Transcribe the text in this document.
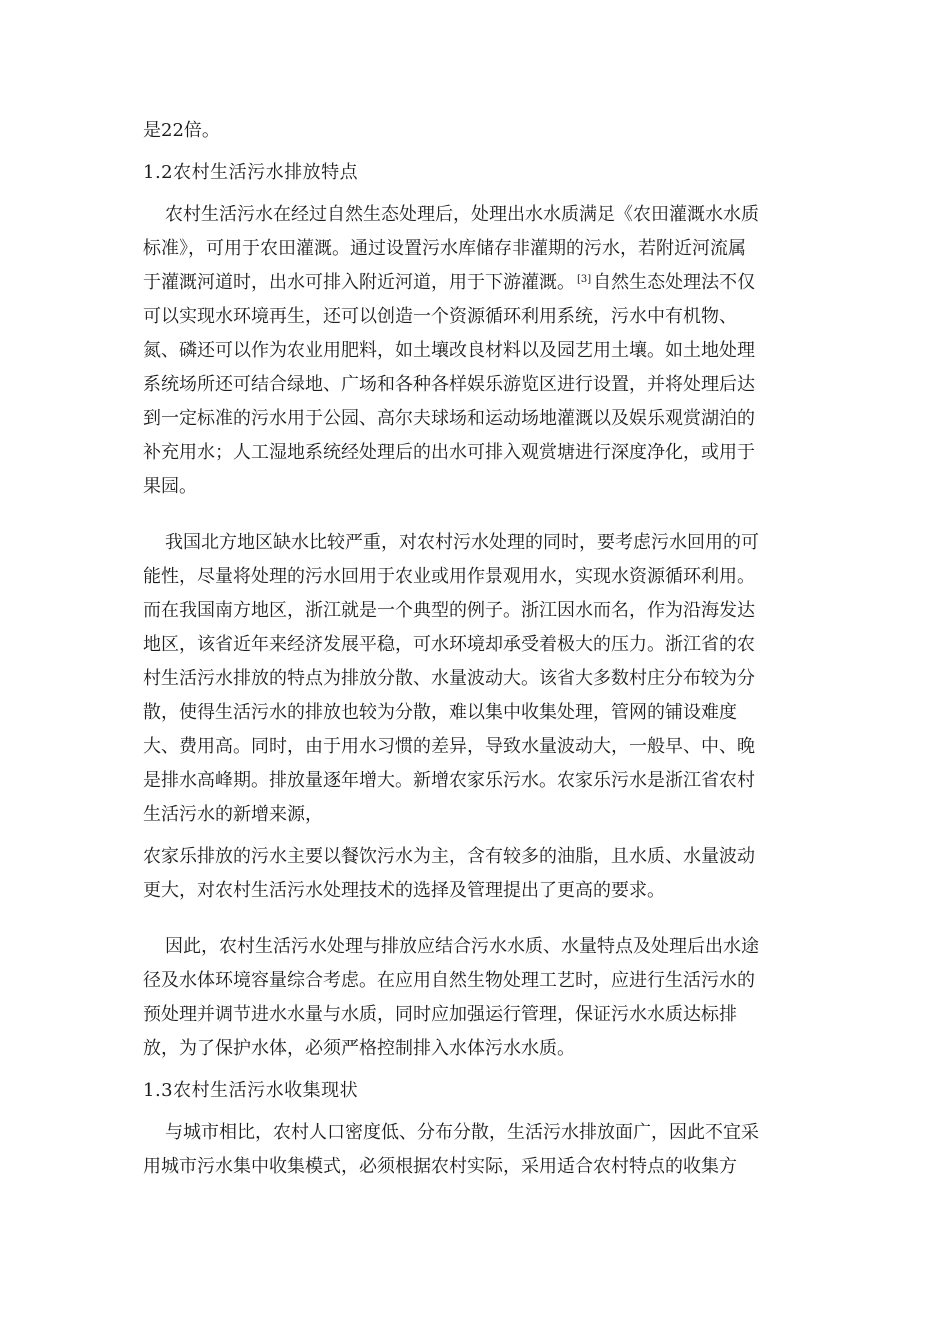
是22倍。
1.2农村生活污水排放特点
农村生活污水在经过自然生态处理后，处理出水水质满足《农田灌溉水水质
标准》，可用于农田灌溉。通过设置污水库储存非灌期的污水，若附近河流属
于灌溉河道时，出水可排入附近河道，用于下游灌溉。 [3] 自然生态处理法不仅
可以实现水环境再生，还可以创造一个资源循环利用系统，污水中有机物、
氮、磷还可以作为农业用肥料，如土壤改良材料以及园艺用土壤。如土地处理
系统场所还可结合绿地、广场和各种各样娱乐游览区进行设置，并将处理后达
到一定标准的污水用于公园、高尔夫球场和运动场地灌溉以及娱乐观赏湖泊的
补充用水；人工湿地系统经处理后的出水可排入观赏塘进行深度净化，或用于
果园。
我国北方地区缺水比较严重，对农村污水处理的同时，要考虑污水回用的可
能性，尽量将处理的污水回用于农业或用作景观用水，实现水资源循环利用。
而在我国南方地区，浙江就是一个典型的例子。浙江因水而名，作为沿海发达
地区，该省近年来经济发展平稳，可水环境却承受着极大的压力。浙江省的农
村生活污水排放的特点为排放分散、水量波动大。该省大多数村庄分布较为分
散，使得生活污水的排放也较为分散，难以集中收集处理，管网的铺设难度
大、费用高。同时，由于用水习惯的差异，导致水量波动大，一般早、中、晚
是排水高峰期。排放量逐年增大。新增农家乐污水。农家乐污水是浙江省农村
生活污水的新增来源，
农家乐排放的污水主要以餐饮污水为主，含有较多的油脂，且水质、水量波动
更大，对农村生活污水处理技术的选择及管理提出了更高的要求。
因此，农村生活污水处理与排放应结合污水水质、水量特点及处理后出水途
径及水体环境容量综合考虑。在应用自然生物处理工艺时，应进行生活污水的
预处理并调节进水水量与水质，同时应加强运行管理，保证污水水质达标排
放，为了保护水体，必须严格控制排入水体污水水质。
1.3农村生活污水收集现状
与城市相比，农村人口密度低、分布分散，生活污水排放面广，因此不宜采
用城市污水集中收集模式，必须根据农村实际，采用适合农村特点的收集方
